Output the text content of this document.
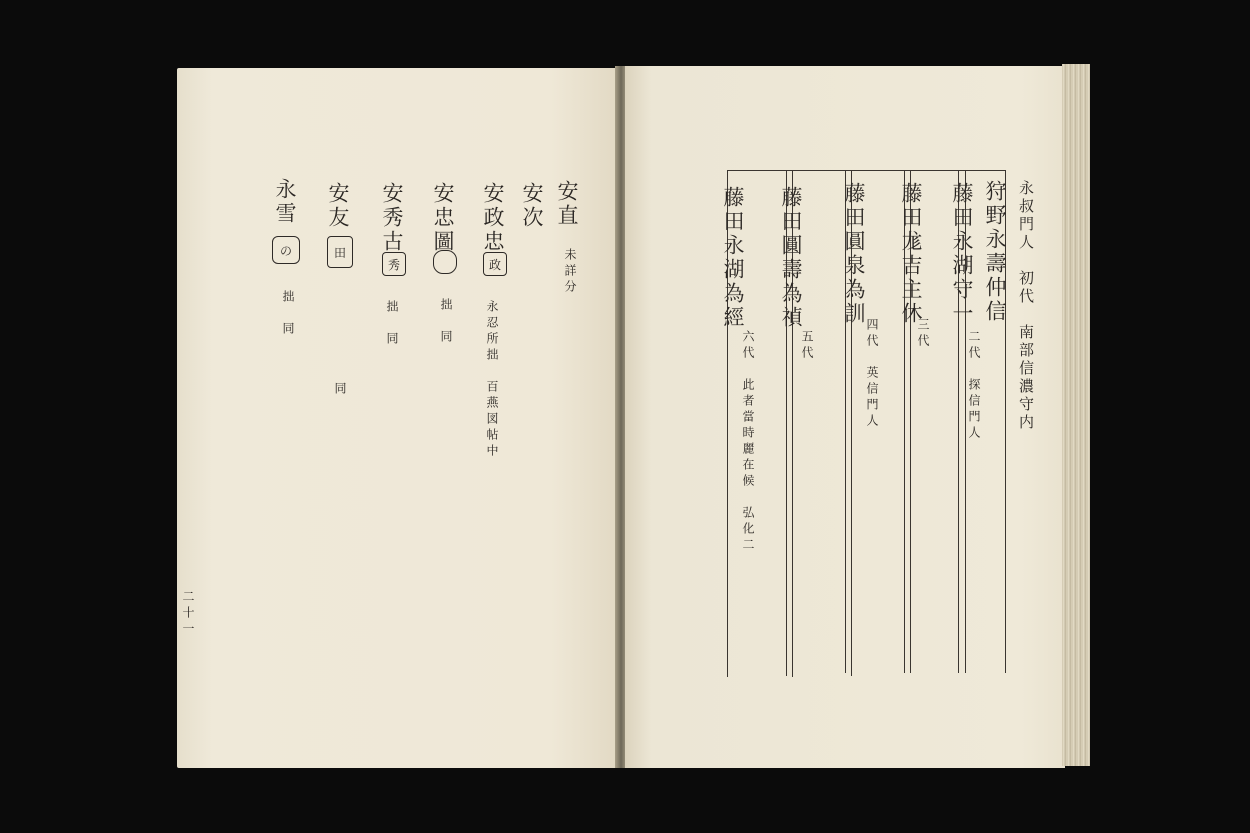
安直
未詳分
安次
安政忠
政
永忍所拙　百燕図帖中
安忠圖
拙　同
安秀古
秀
拙　同
安友
田
同
永雪
の
拙　同
二十一
永叔門人　初代　南部信濃守内
狩野永壽仲信
藤田永湖守一
二代　探信門人
藤田尨吉主休
三代
藤田圓泉為訓
四代　英信門人
藤田圓壽為禎
五代
藤田永湖為經
六代　此者當時麗在候　弘化二
